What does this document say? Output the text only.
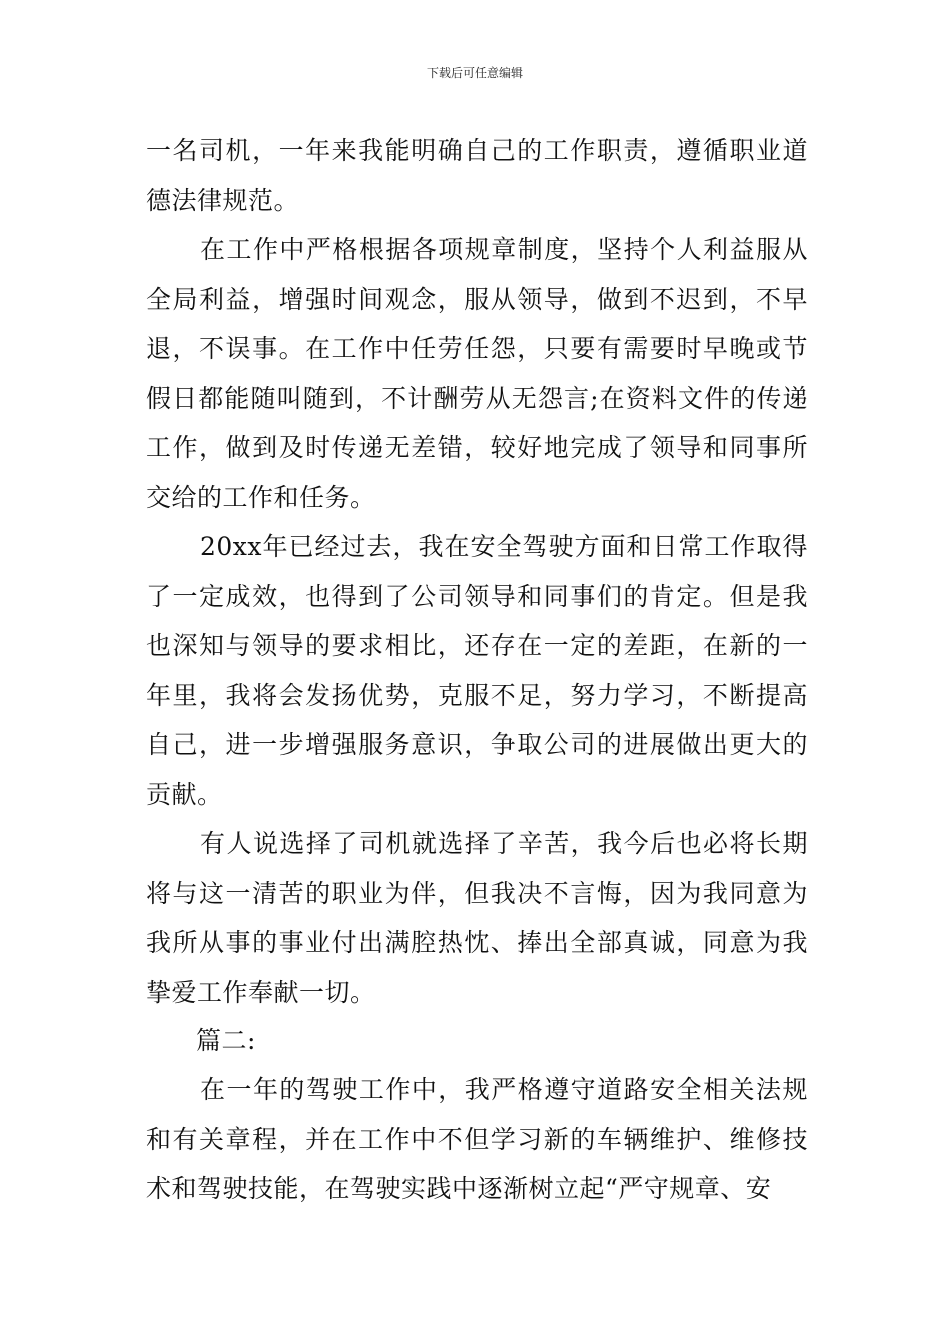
下载后可任意编辑

一名司机，一年来我能明确自己的工作职责，遵循职业道德法律规范。

在工作中严格根据各项规章制度，坚持个人利益服从全局利益，增强时间观念，服从领导，做到不迟到，不早退，不误事。在工作中任劳任怨，只要有需要时早晚或节假日都能随叫随到，不计酬劳从无怨言;在资料文件的传递工作，做到及时传递无差错，较好地完成了领导和同事所交给的工作和任务。

20xx年已经过去，我在安全驾驶方面和日常工作取得了一定成效，也得到了公司领导和同事们的肯定。但是我也深知与领导的要求相比，还存在一定的差距，在新的一年里，我将会发扬优势，克服不足，努力学习，不断提高自己，进一步增强服务意识，争取公司的进展做出更大的贡献。

有人说选择了司机就选择了辛苦，我今后也必将长期将与这一清苦的职业为伴，但我决不言悔，因为我同意为我所从事的事业付出满腔热忱、捧出全部真诚，同意为我挚爱工作奉献一切。

篇二:

在一年的驾驶工作中，我严格遵守道路安全相关法规和有关章程，并在工作中不但学习新的车辆维护、维修技术和驾驶技能，在驾驶实践中逐渐树立起“严守规章、安
